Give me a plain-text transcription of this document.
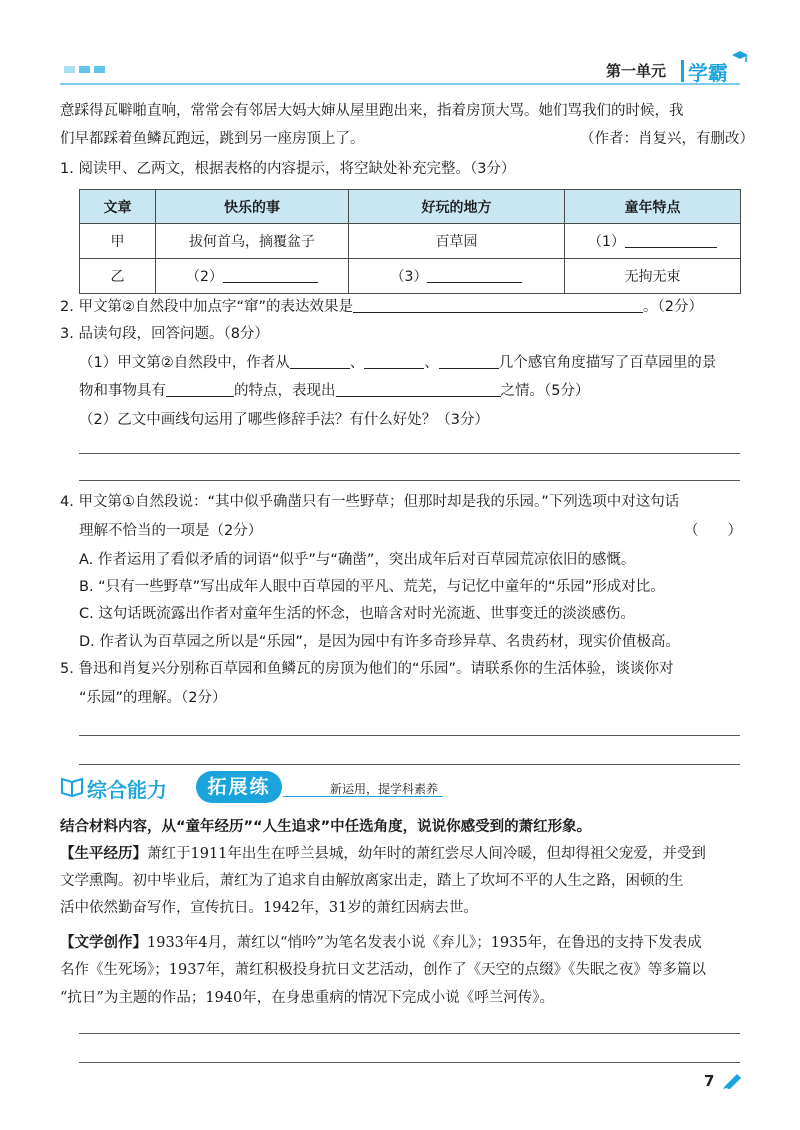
第一单元 学霸
意踩得瓦噼啪直响，常常会有邻居大妈大婶从屋里跑出来，指着房顶大骂。她们骂我们的时候，我
们早都踩着鱼鳞瓦跑远，跳到另一座房顶上了。	（作者：肖复兴，有删改）
1. 阅读甲、乙两文，根据表格的内容提示，将空缺处补充完整。（3分）
文章	快乐的事	好玩的地方	童年特点
甲	拔何首乌，摘覆盆子	百草园	（1）
乙	（2）	（3）	无拘无束
2. 甲文第②自然段中加点字“窜”的表达效果是	。（2分）
3. 品读句段，回答问题。（8分）
（1）甲文第②自然段中，作者从	、	、	几个感官角度描写了百草园里的景
物和事物具有	的特点，表现出	之情。（5分）
（2）乙文中画线句运用了哪些修辞手法？有什么好处？（3分）
4. 甲文第①自然段说：“其中似乎确凿只有一些野草；但那时却是我的乐园。”下列选项中对这句话
理解不恰当的一项是（2分）	（　　）
A. 作者运用了看似矛盾的词语“似乎”与“确凿”，突出成年后对百草园荒凉依旧的感慨。
B. “只有一些野草”写出成年人眼中百草园的平凡、荒芜，与记忆中童年的“乐园”形成对比。
C. 这句话既流露出作者对童年生活的怀念，也暗含对时光流逝、世事变迁的淡淡感伤。
D. 作者认为百草园之所以是“乐园”，是因为园中有许多奇珍异草、名贵药材，现实价值极高。
5. 鲁迅和肖复兴分别称百草园和鱼鳞瓦的房顶为他们的“乐园”。请联系你的生活体验，谈谈你对
“乐园”的理解。（2分）
综合能力	拓展练	新运用，提学科素养
结合材料内容，从“童年经历”“人生追求”中任选角度，说说你感受到的萧红形象。
【生平经历】萧红于1911年出生在呼兰县城，幼年时的萧红尝尽人间冷暖，但却得祖父宠爱，并受到
文学熏陶。初中毕业后，萧红为了追求自由解放离家出走，踏上了坎坷不平的人生之路，困顿的生
活中依然勤奋写作，宣传抗日。1942年，31岁的萧红因病去世。
【文学创作】1933年4月，萧红以“悄吟”为笔名发表小说《弃儿》；1935年，在鲁迅的支持下发表成
名作《生死场》；1937年，萧红积极投身抗日文艺活动，创作了《天空的点缀》《失眠之夜》等多篇以
“抗日”为主题的作品；1940年，在身患重病的情况下完成小说《呼兰河传》。
7
